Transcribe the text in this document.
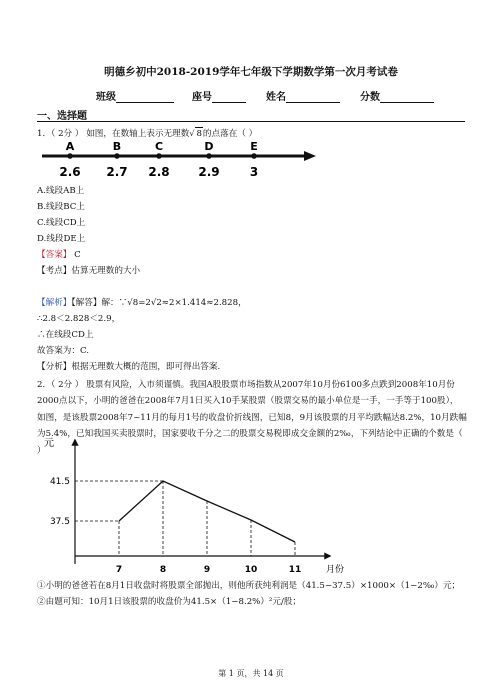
明德乡初中2018-2019学年七年级下学期数学第一次月考试卷
班级	座号	姓名	分数
一、选择题
1．（ 2分 ） 如图，在数轴上表示无理数√ 8的点落在（ ）
A
2.6
B
2.7
C
2.8
D
2.9
E
3
A.线段AB上
B.线段BC上
C.线段CD上
D.线段DE上
【答案】 C
【考点】估算无理数的大小
【解析】【解答】解：∵√8=2√2≈2×1.414≈2.828，
∴2.8＜2.828＜2.9，
∴在线段CD上
故答案为：C.
【分析】根据无理数大概的范围，即可得出答案.
2．（ 2分 ） 股票有风险，入市须谨慎。我国A股股票市场指数从2007年10月份6100多点跌到2008年10月份2000点以下，小明的爸爸在2008年7月1日买入10手某股票（股票交易的最小单位是一手，一手等于100股），如图，是该股票2008年7~11月的每月1号的收盘价折线图，已知8，9月该股票的月平均跌幅达8.2%，10月跌幅为5.4%，已知我国买卖股票时，国家要收千分之二的股票交易税即成交金额的2‰，下列结论中正确的个数是（ ）
元
月份
7	8	9	10	11
41.5
37.5
①小明的爸爸若在8月1日收盘时将股票全部抛出，则他所获纯利润是（41.5−37.5）×1000×（1−2‰）元；
②由题可知：10月1日该股票的收盘价为41.5×（1−8.2%）²元/股；
第 1 页，共 14 页
